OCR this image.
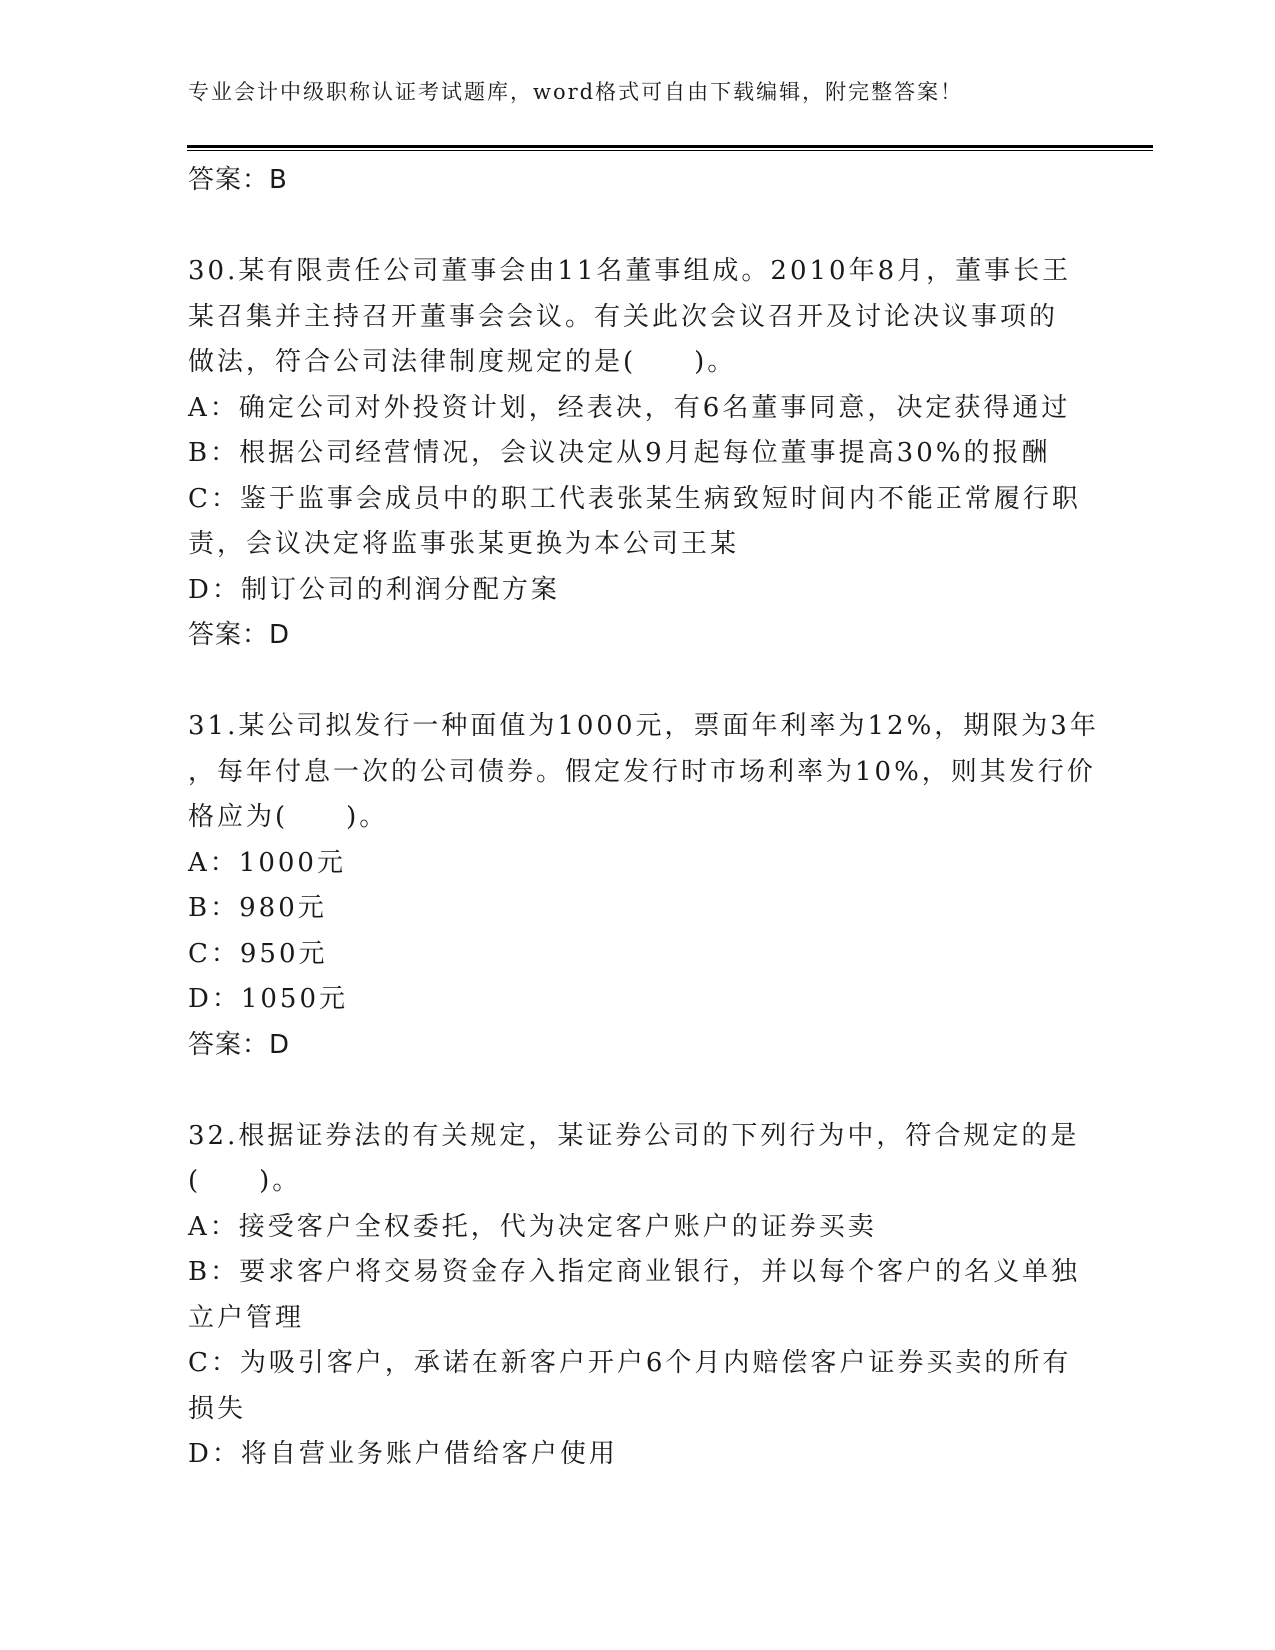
专业会计中级职称认证考试题库，word格式可自由下载编辑，附完整答案！
答案：B
30.某有限责任公司董事会由11名董事组成。2010年8月，董事长王
某召集并主持召开董事会会议。有关此次会议召开及讨论决议事项的
做法，符合公司法律制度规定的是(　　)。
A：确定公司对外投资计划，经表决，有6名董事同意，决定获得通过
B：根据公司经营情况，会议决定从9月起每位董事提高30%的报酬
C：鉴于监事会成员中的职工代表张某生病致短时间内不能正常履行职
责，会议决定将监事张某更换为本公司王某
D：制订公司的利润分配方案
答案：D
31.某公司拟发行一种面值为1000元，票面年利率为12%，期限为3年
，每年付息一次的公司债券。假定发行时市场利率为10%，则其发行价
格应为(　　)。
A：1000元
B：980元
C：950元
D：1050元
答案：D
32.根据证券法的有关规定，某证券公司的下列行为中，符合规定的是
(　　)。
A：接受客户全权委托，代为决定客户账户的证券买卖
B：要求客户将交易资金存入指定商业银行，并以每个客户的名义单独
立户管理
C：为吸引客户，承诺在新客户开户6个月内赔偿客户证券买卖的所有
损失
D：将自营业务账户借给客户使用
